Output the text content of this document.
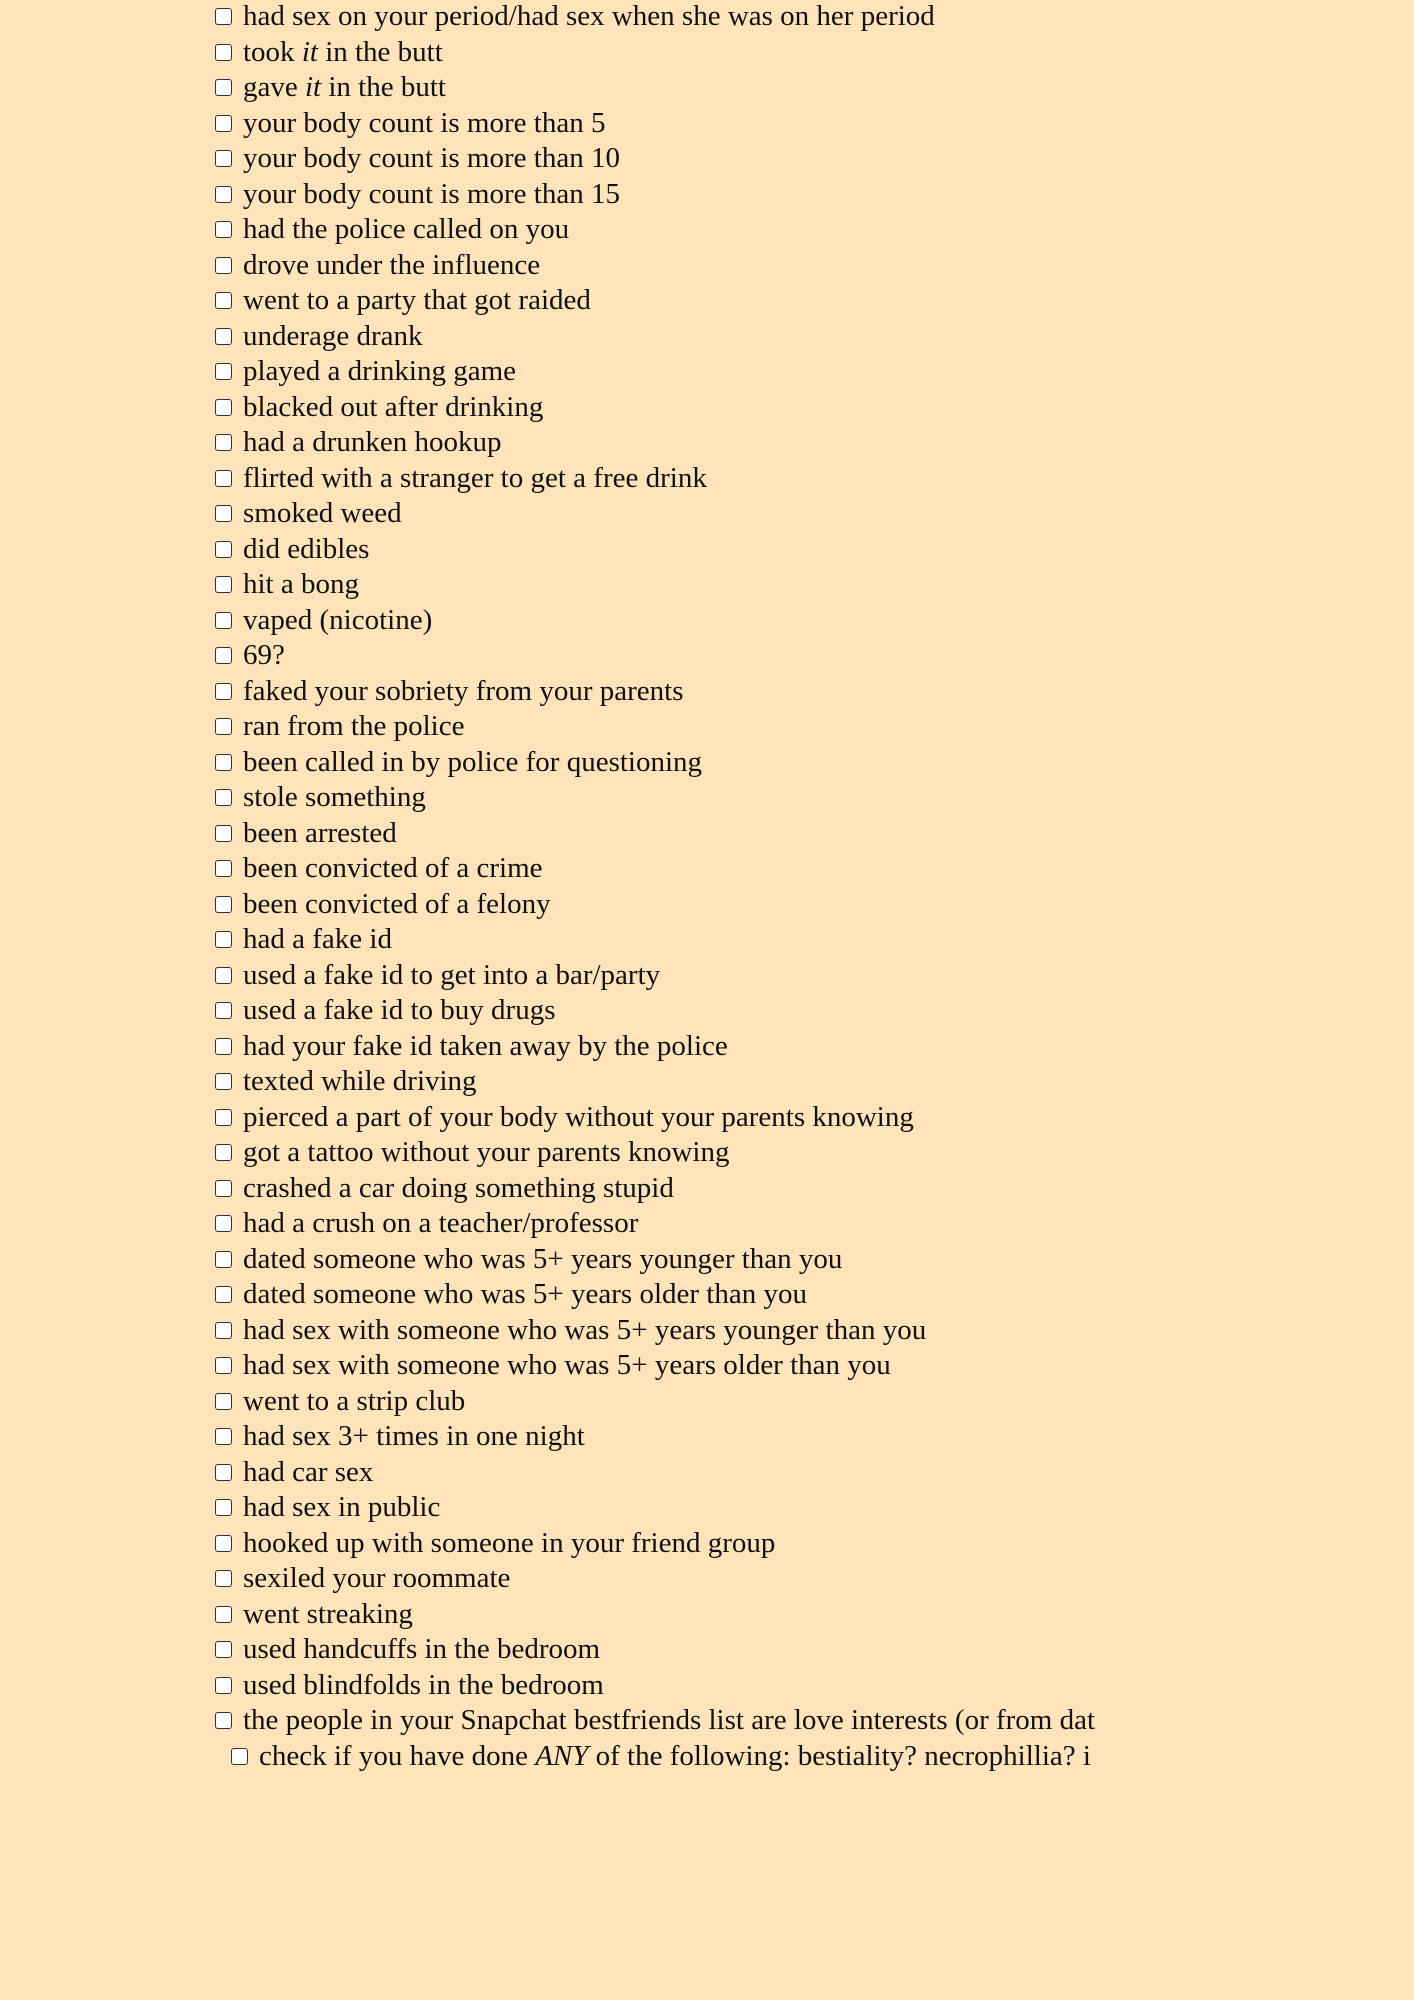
had sex on your period/had sex when she was on her period
took it in the butt
gave it in the butt
your body count is more than 5
your body count is more than 10
your body count is more than 15
had the police called on you
drove under the influence
went to a party that got raided
underage drank
played a drinking game
blacked out after drinking
had a drunken hookup
flirted with a stranger to get a free drink
smoked weed
did edibles
hit a bong
vaped (nicotine)
69?
faked your sobriety from your parents
ran from the police
been called in by police for questioning
stole something
been arrested
been convicted of a crime
been convicted of a felony
had a fake id
used a fake id to get into a bar/party
used a fake id to buy drugs
had your fake id taken away by the police
texted while driving
pierced a part of your body without your parents knowing
got a tattoo without your parents knowing
crashed a car doing something stupid
had a crush on a teacher/professor
dated someone who was 5+ years younger than you
dated someone who was 5+ years older than you
had sex with someone who was 5+ years younger than you
had sex with someone who was 5+ years older than you
went to a strip club
had sex 3+ times in one night
had car sex
had sex in public
hooked up with someone in your friend group
sexiled your roommate
went streaking
used handcuffs in the bedroom
used blindfolds in the bedroom
the people in your Snapchat bestfriends list are love interests (or from dat
check if you have done ANY of the following: bestiality? necrophillia? i
